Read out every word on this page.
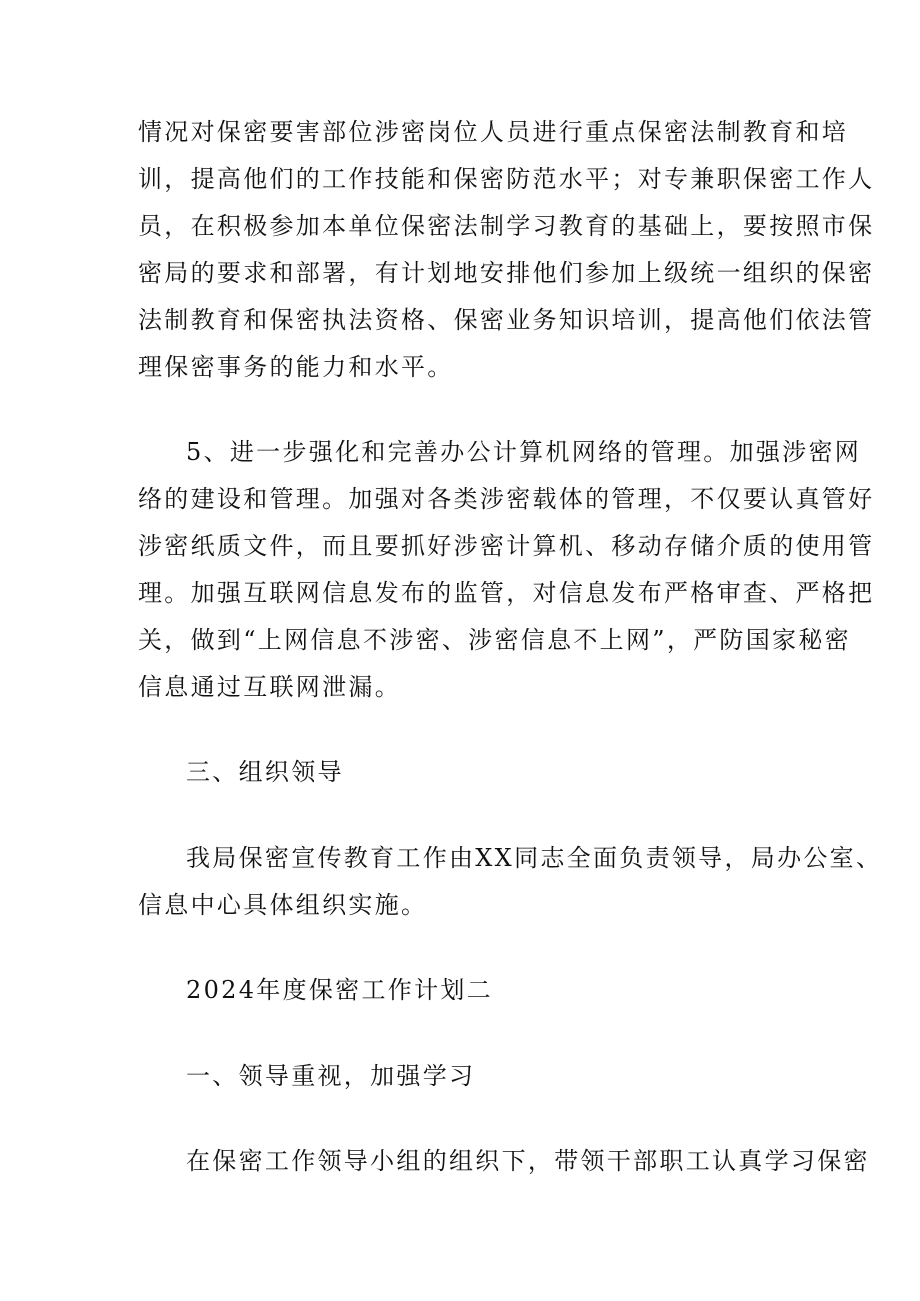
情况对保密要害部位涉密岗位人员进行重点保密法制教育和培
训，提高他们的工作技能和保密防范水平；对专兼职保密工作人
员，在积极参加本单位保密法制学习教育的基础上，要按照市保
密局的要求和部署，有计划地安排他们参加上级统一组织的保密
法制教育和保密执法资格、保密业务知识培训，提高他们依法管
理保密事务的能力和水平。
5、进一步强化和完善办公计算机网络的管理。加强涉密网
络的建设和管理。加强对各类涉密载体的管理，不仅要认真管好
涉密纸质文件，而且要抓好涉密计算机、移动存储介质的使用管
理。加强互联网信息发布的监管，对信息发布严格审查、严格把
关，做到“上网信息不涉密、涉密信息不上网”，严防国家秘密
信息通过互联网泄漏。
三、组织领导
我局保密宣传教育工作由XX同志全面负责领导，局办公室、
信息中心具体组织实施。
2024年度保密工作计划二
一、领导重视，加强学习
在保密工作领导小组的组织下，带领干部职工认真学习保密
